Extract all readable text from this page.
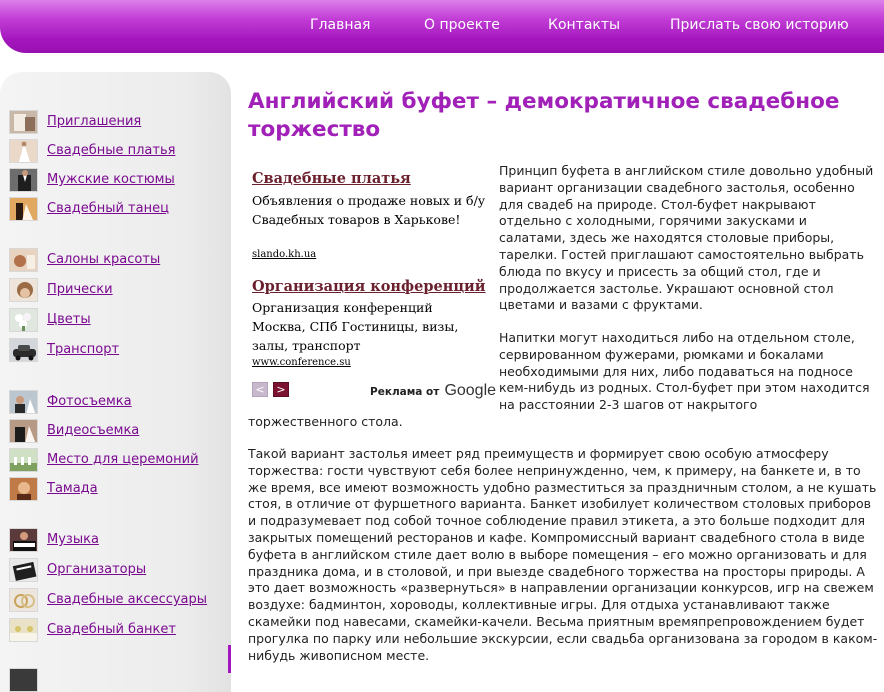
Главная	О проекте	Контакты	Прислать свою историю
Приглашения
Свадебные платья
Мужские костюмы
Свадебный танец
Салоны красоты
Прически
Цветы
Транспорт
Фотосъемка
Видеосъемка
Место для церемоний
Тамада
Музыка
Организаторы
Свадебные аксессуары
Свадебный банкет
Английский буфет – демократичное свадебное торжество
Свадебные платья
Объявления о продаже новых и б/у Свадебных товаров в Харькове!
slando.kh.ua
Организация конференций
Организация конференций Москва, СПб Гостиницы, визы, залы, транспорт
www.conference.su
<	>	Реклама от Google
Принцип буфета в английском стиле довольно удобный вариант организации свадебного застолья, особенно для свадеб на природе. Стол-буфет накрывают отдельно с холодными, горячими закусками и салатами, здесь же находятся столовые приборы, тарелки. Гостей приглашают самостоятельно выбрать блюда по вкусу и присесть за общий стол, где и продолжается застолье. Украшают основной стол цветами и вазами с фруктами.
Напитки могут находиться либо на отдельном столе, сервированном фужерами, рюмками и бокалами необходимыми для них, либо подаваться на подносе кем-нибудь из родных. Стол-буфет при этом находится на расстоянии 2-3 шагов от накрытого
торжественного стола.
Такой вариант застолья имеет ряд преимуществ и формирует свою особую атмосферу торжества: гости чувствуют себя более непринужденно, чем, к примеру, на банкете и, в то же время, все имеют возможность удобно разместиться за праздничным столом, а не кушать стоя, в отличие от фуршетного варианта. Банкет изобилует количеством столовых приборов и подразумевает под собой точное соблюдение правил этикета, а это больше подходит для закрытых помещений ресторанов и кафе. Компромиссный вариант свадебного стола в виде буфета в английском стиле дает волю в выборе помещения – его можно организовать и для праздника дома, и в столовой, и при выезде свадебного торжества на просторы природы. А это дает возможность «развернуться» в направлении организации конкурсов, игр на свежем воздухе: бадминтон, хороводы, коллективные игры. Для отдыха устанавливают также скамейки под навесами, скамейки-качели. Весьма приятным времяпрепровождением будет прогулка по парку или небольшие экскурсии, если свадьба организована за городом в каком-нибудь живописном месте.
